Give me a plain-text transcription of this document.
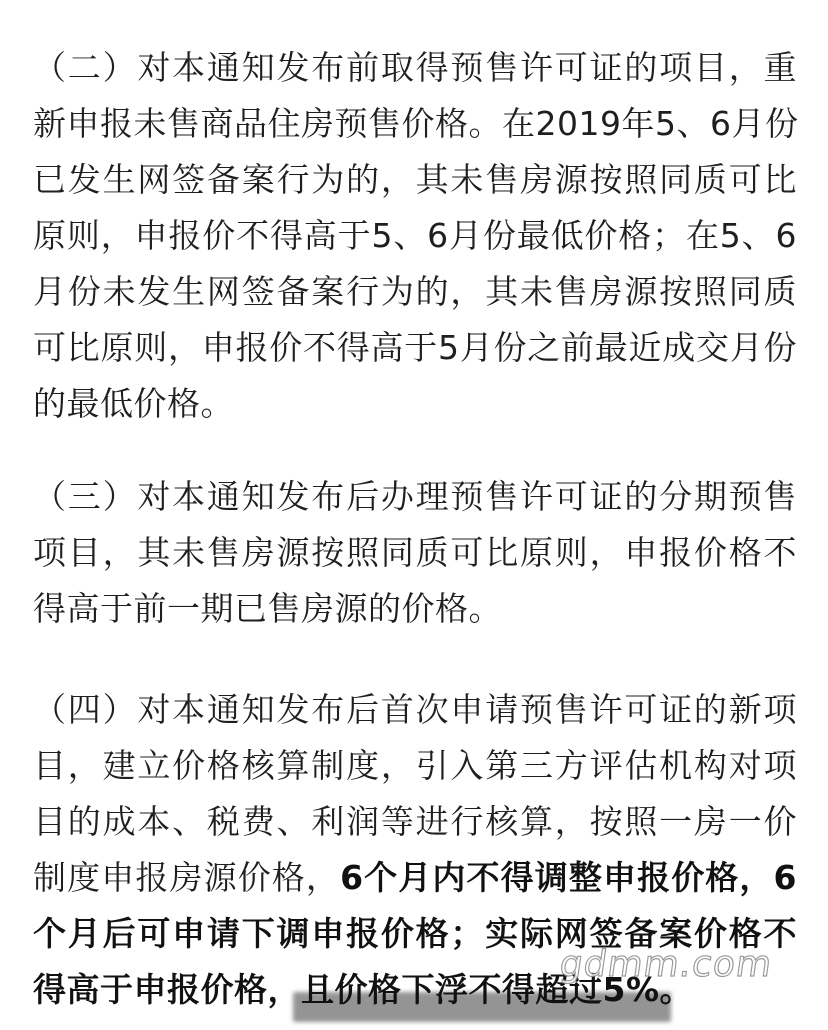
（二）对本通知发布前取得预售许可证的项目，重
新申报未售商品住房预售价格。在2019年5、6月份
已发生网签备案行为的，其未售房源按照同质可比
原则，申报价不得高于5、6月份最低价格；在5、6
月份未发生网签备案行为的，其未售房源按照同质
可比原则，申报价不得高于5月份之前最近成交月份
的最低价格。
（三）对本通知发布后办理预售许可证的分期预售
项目，其未售房源按照同质可比原则，申报价格不
得高于前一期已售房源的价格。
（四）对本通知发布后首次申请预售许可证的新项
目，建立价格核算制度，引入第三方评估机构对项
目的成本、税费、利润等进行核算，按照一房一价
制度申报房源价格，6个月内不得调整申报价格，6
个月后可申请下调申报价格；实际网签备案价格不
得高于申报价格，且价格下浮不得超过5%。
gdmm.com
